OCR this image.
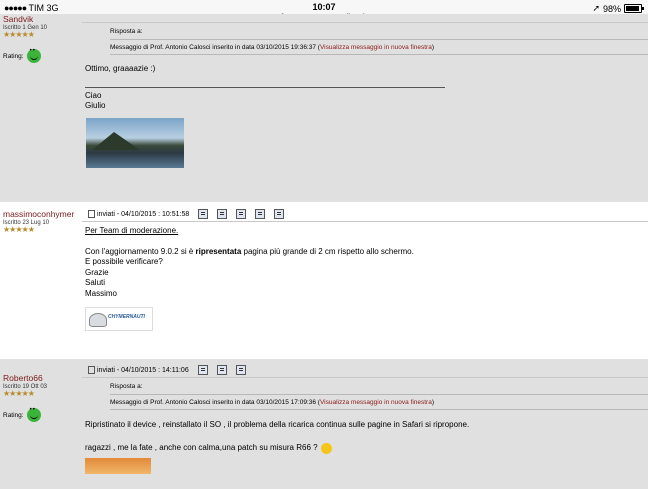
●●●●● TIM 3G	10:07	➚ 98%
Sandvik
Iscritto 1 Gen 10
★★★★★
Rating:
••
Risposta a:
Messaggio di Prof. Antonio Calosci inserito in data 03/10/2015 19:36:37 (Visualizza messaggio in nuova finestra)
Ottimo, graaaazie :)
Ciao
Giulio
massimoconhymer
Iscritto 23 Lug 10
★★★★★
inviati - 04/10/2015 : 10:51:58
Per Team di moderazione.
Con l'aggiornamento 9.0.2 si è ripresentata pagina più grande di 2 cm rispetto allo schermo.
E possibile verificare?
Grazie
Saluti
Massimo
CHYMERNAUTI
Roberto66
Iscritto 19 Ott 03
★★★★★
Rating:
••
inviati - 04/10/2015 : 14:11:06
Risposta a:
Messaggio di Prof. Antonio Calosci inserito in data 03/10/2015 17:09:36 (Visualizza messaggio in nuova finestra)
Ripristinato il device , reinstallato il SO , il problema della ricarica continua sulle pagine in Safari si ripropone.
ragazzi , me la fate , anche con calma,una patch su misura R66 ?
